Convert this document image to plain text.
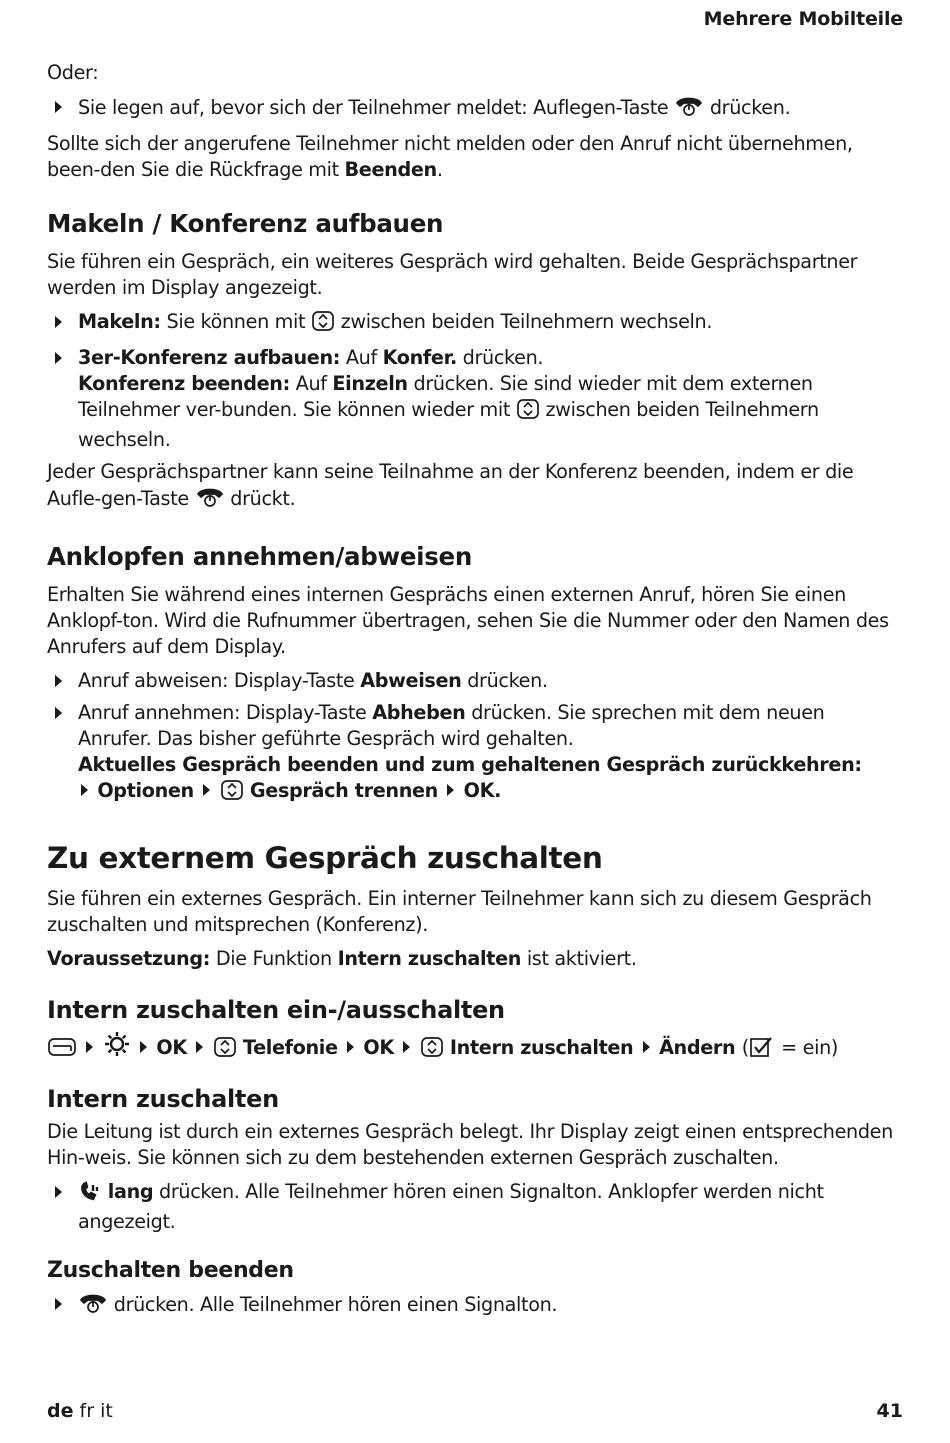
Mehrere Mobilteile

Oder:

Sie legen auf, bevor sich der Teilnehmer meldet: Auflegen-Taste drücken.

Sollte sich der angerufene Teilnehmer nicht melden oder den Anruf nicht übernehmen, been-den Sie die Rückfrage mit Beenden.

Makeln / Konferenz aufbauen

Sie führen ein Gespräch, ein weiteres Gespräch wird gehalten. Beide Gesprächspartner werden im Display angezeigt.

Makeln: Sie können mit zwischen beiden Teilnehmern wechseln.
3er-Konferenz aufbauen: Auf Konfer. drücken.
Konferenz beenden: Auf Einzeln drücken. Sie sind wieder mit dem externen Teilnehmer ver-bunden. Sie können wieder mit zwischen beiden Teilnehmern wechseln.

Jeder Gesprächspartner kann seine Teilnahme an der Konferenz beenden, indem er die Aufle-gen-Taste drückt.

Anklopfen annehmen/abweisen

Erhalten Sie während eines internen Gesprächs einen externen Anruf, hören Sie einen Anklopf-ton. Wird die Rufnummer übertragen, sehen Sie die Nummer oder den Namen des Anrufers auf dem Display.

Anruf abweisen: Display-Taste Abweisen drücken.
Anruf annehmen: Display-Taste Abheben drücken. Sie sprechen mit dem neuen Anrufer. Das bisher geführte Gespräch wird gehalten.
Aktuelles Gespräch beenden und zum gehaltenen Gespräch zurückkehren:
Optionen	Gespräch trennen OK.
Zu externem Gespräch zuschalten

Sie führen ein externes Gespräch. Ein interner Teilnehmer kann sich zu diesem Gespräch zuschalten und mitsprechen (Konferenz).

Voraussetzung: Die Funktion Intern zuschalten ist aktiviert.

Intern zuschalten ein-/ausschalten
OK	Telefonie OK	Intern zuschalten Ändern ( = ein)
Intern zuschalten

Die Leitung ist durch ein externes Gespräch belegt. Ihr Display zeigt einen entsprechenden Hin-weis. Sie können sich zu dem bestehenden externen Gespräch zuschalten.

lang drücken. Alle Teilnehmer hören einen Signalton. Anklopfer werden nicht angezeigt.
Zuschalten beenden
drücken. Alle Teilnehmer hören einen Signalton.
de fr it	41
